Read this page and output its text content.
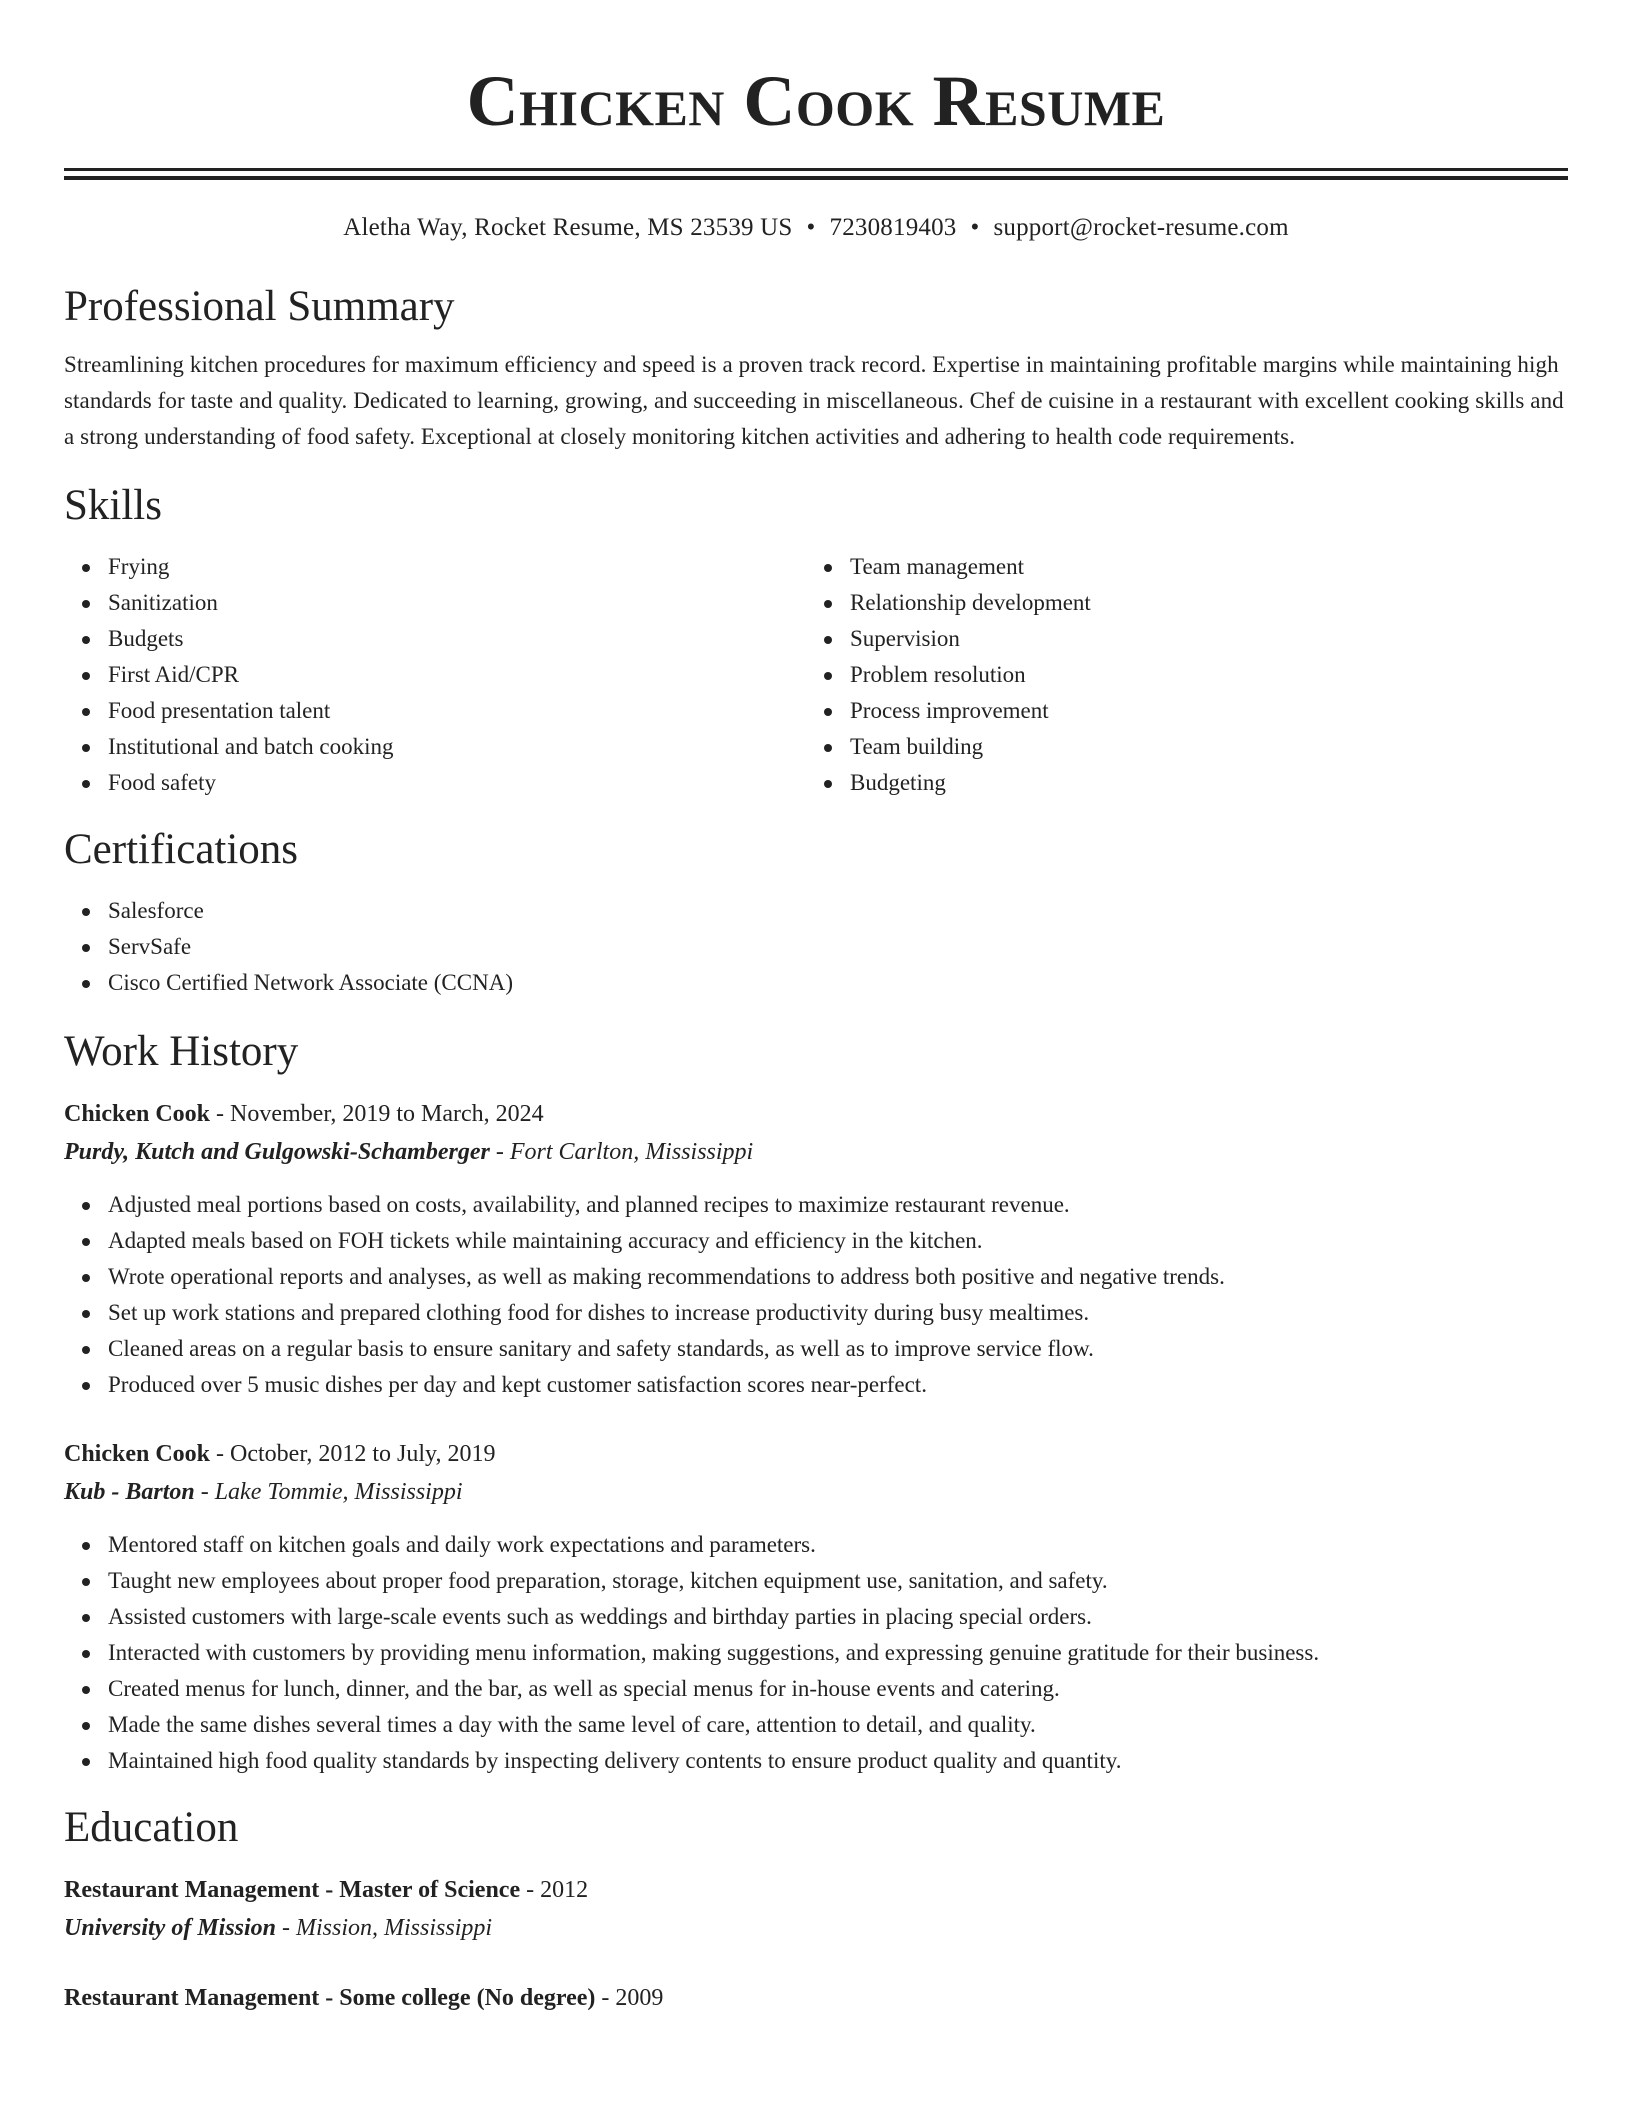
Chicken Cook Resume
Aletha Way, Rocket Resume, MS 23539 US • 7230819403 • support@rocket-resume.com
Professional Summary

Streamlining kitchen procedures for maximum efficiency and speed is a proven track record. Expertise in maintaining profitable margins while maintaining high standards for taste and quality. Dedicated to learning, growing, and succeeding in miscellaneous. Chef de cuisine in a restaurant with excellent cooking skills and a strong understanding of food safety. Exceptional at closely monitoring kitchen activities and adhering to health code requirements.

Skills
Frying
Sanitization
Budgets
First Aid/CPR
Food presentation talent
Institutional and batch cooking
Food safety
Team management
Relationship development
Supervision
Problem resolution
Process improvement
Team building
Budgeting
Certifications
Salesforce
ServSafe
Cisco Certified Network Associate (CCNA)
Work History
Chicken Cook - November, 2019 to March, 2024
Purdy, Kutch and Gulgowski-Schamberger - Fort Carlton, Mississippi
Adjusted meal portions based on costs, availability, and planned recipes to maximize restaurant revenue.
Adapted meals based on FOH tickets while maintaining accuracy and efficiency in the kitchen.
Wrote operational reports and analyses, as well as making recommendations to address both positive and negative trends.
Set up work stations and prepared clothing food for dishes to increase productivity during busy mealtimes.
Cleaned areas on a regular basis to ensure sanitary and safety standards, as well as to improve service flow.
Produced over 5 music dishes per day and kept customer satisfaction scores near-perfect.
Chicken Cook - October, 2012 to July, 2019
Kub - Barton - Lake Tommie, Mississippi
Mentored staff on kitchen goals and daily work expectations and parameters.
Taught new employees about proper food preparation, storage, kitchen equipment use, sanitation, and safety.
Assisted customers with large-scale events such as weddings and birthday parties in placing special orders.
Interacted with customers by providing menu information, making suggestions, and expressing genuine gratitude for their business.
Created menus for lunch, dinner, and the bar, as well as special menus for in-house events and catering.
Made the same dishes several times a day with the same level of care, attention to detail, and quality.
Maintained high food quality standards by inspecting delivery contents to ensure product quality and quantity.
Education
Restaurant Management - Master of Science - 2012
University of Mission - Mission, Mississippi
Restaurant Management - Some college (No degree) - 2009
